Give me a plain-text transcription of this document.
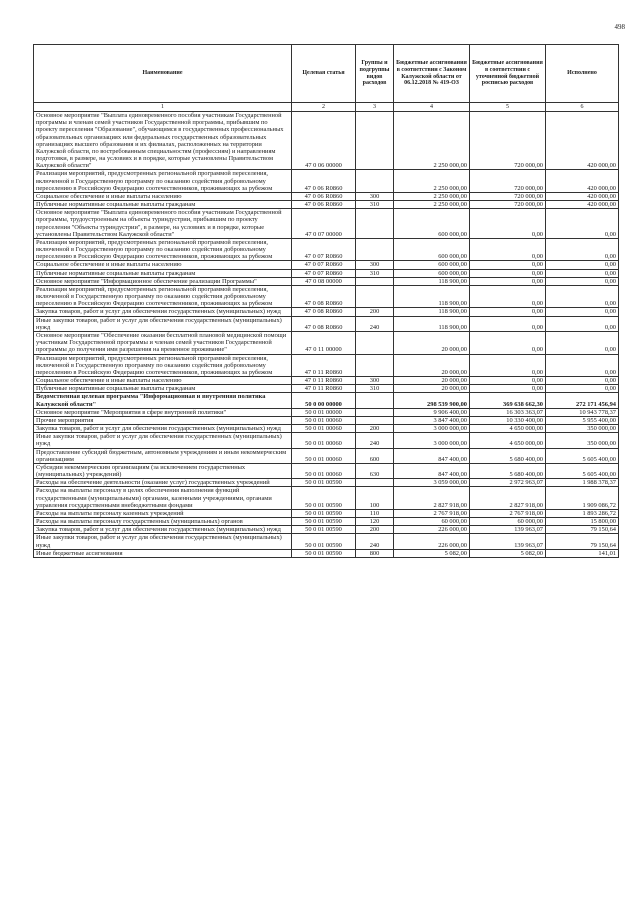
498
Наименование	Целевая статья	Группы и подгруппы видов расходов	Бюджетные ассигнования в соответствии с Законом Калужской области от 06.12.2018 № 419-ОЗ	Бюджетные ассигнования в соответствии с уточненной бюджетной росписью расходов	Исполнено
1	2	3	4	5	6
Основное мероприятие "Выплата единовременного пособия участникам Государственной программы и членам семей участников Государственной программы, прибывшим по проекту переселения "Образование", обучающимся в государственных профессиональных образовательных организациях или федеральных государственных образовательных организациях высшего образования и их филиалах, расположенных на территории Калужской области, по востребованным специальностям (профессиям) и направлениям подготовки, в размере, на условиях и в порядке, которые установлены Правительством Калужской области"	47 0 06 00000		2 250 000,00	720 000,00	420 000,00
Реализация мероприятий, предусмотренных региональной программой переселения, включенной в Государственную программу по оказанию содействия добровольному переселению в Российскую Федерацию соотечественников, проживающих за рубежом	47 0 06 R0860		2 250 000,00	720 000,00	420 000,00
Социальное обеспечение и иные выплаты населению	47 0 06 R0860	300	2 250 000,00	720 000,00	420 000,00
Публичные нормативные социальные выплаты гражданам	47 0 06 R0860	310	2 250 000,00	720 000,00	420 000,00
Основное мероприятие "Выплата единовременного пособия участникам Государственной программы, трудоустроенным на объекты туриндустрии, прибывшим по проекту переселения "Объекты туриндустрии", в размере, на условиях и в порядке, которые установлены Правительством Калужской области"	47 0 07 00000		600 000,00	0,00	0,00
Реализация мероприятий, предусмотренных региональной программой переселения, включенной в Государственную программу по оказанию содействия добровольному переселению в Российскую Федерацию соотечественников, проживающих за рубежом	47 0 07 R0860		600 000,00	0,00	0,00
Социальное обеспечение и иные выплаты населению	47 0 07 R0860	300	600 000,00	0,00	0,00
Публичные нормативные социальные выплаты гражданам	47 0 07 R0860	310	600 000,00	0,00	0,00
Основное мероприятие "Информационное обеспечение реализации Программы"	47 0 08 00000		118 900,00	0,00	0,00
Реализация мероприятий, предусмотренных региональной программой переселения, включенной в Государственную программу по оказанию содействия добровольному переселению в Российскую Федерацию соотечественников, проживающих за рубежом	47 0 08 R0860		118 900,00	0,00	0,00
Закупка товаров, работ и услуг для обеспечения государственных (муниципальных) нужд	47 0 08 R0860	200	118 900,00	0,00	0,00
Иные закупки товаров, работ и услуг для обеспечения государственных (муниципальных) нужд	47 0 08 R0860	240	118 900,00	0,00	0,00
Основное мероприятие "Обеспечение оказания бесплатной плановой медицинской помощи участникам Государственной программы и членам семей участников Государственной программы до получения ими разрешения на временное проживание"	47 0 11 00000		20 000,00	0,00	0,00
Реализация мероприятий, предусмотренных региональной программой переселения, включенной в Государственную программу по оказанию содействия добровольному переселению в Российскую Федерацию соотечественников, проживающих за рубежом	47 0 11 R0860		20 000,00	0,00	0,00
Социальное обеспечение и иные выплаты населению	47 0 11 R0860	300	20 000,00	0,00	0,00
Публичные нормативные социальные выплаты гражданам	47 0 11 R0860	310	20 000,00	0,00	0,00
Ведомственная целевая программа "Информационная и внутренняя политика Калужской области"	50 0 00 00000		298 539 900,00	369 638 662,30	272 171 456,94
Основное мероприятие "Мероприятия в сфере внутренней политики"	50 0 01 00000		9 906 400,00	16 303 363,07	10 943 778,37
Прочие мероприятия	50 0 01 00060		3 847 400,00	10 330 400,00	5 955 400,00
Закупка товаров, работ и услуг для обеспечения государственных (муниципальных) нужд	50 0 01 00060	200	3 000 000,00	4 650 000,00	350 000,00
Иные закупки товаров, работ и услуг для обеспечения государственных (муниципальных) нужд	50 0 01 00060	240	3 000 000,00	4 650 000,00	350 000,00
Предоставление субсидий бюджетным, автономным учреждениям и иным некоммерческим организациям	50 0 01 00060	600	847 400,00	5 680 400,00	5 605 400,00
Субсидии некоммерческим организациям (за исключением государственных (муниципальных) учреждений)	50 0 01 00060	630	847 400,00	5 680 400,00	5 605 400,00
Расходы на обеспечение деятельности (оказание услуг) государственных учреждений	50 0 01 00590		3 059 000,00	2 972 963,07	1 988 378,37
Расходы на выплаты персоналу в целях обеспечения выполнения функций государственными (муниципальными) органами, казенными учреждениями, органами управления государственными внебюджетными фондами	50 0 01 00590	100	2 827 918,00	2 827 918,00	1 909 086,72
Расходы на выплаты персоналу казенных учреждений	50 0 01 00590	110	2 767 918,00	2 767 918,00	1 893 286,72
Расходы на выплаты персоналу государственных (муниципальных) органов	50 0 01 00590	120	60 000,00	60 000,00	15 800,00
Закупка товаров, работ и услуг для обеспечения государственных (муниципальных) нужд	50 0 01 00590	200	226 000,00	139 963,07	79 150,64
Иные закупки товаров, работ и услуг для обеспечения государственных (муниципальных) нужд	50 0 01 00590	240	226 000,00	139 963,07	79 150,64
Иные бюджетные ассигнования	50 0 01 00590	800	5 082,00	5 082,00	141,01
